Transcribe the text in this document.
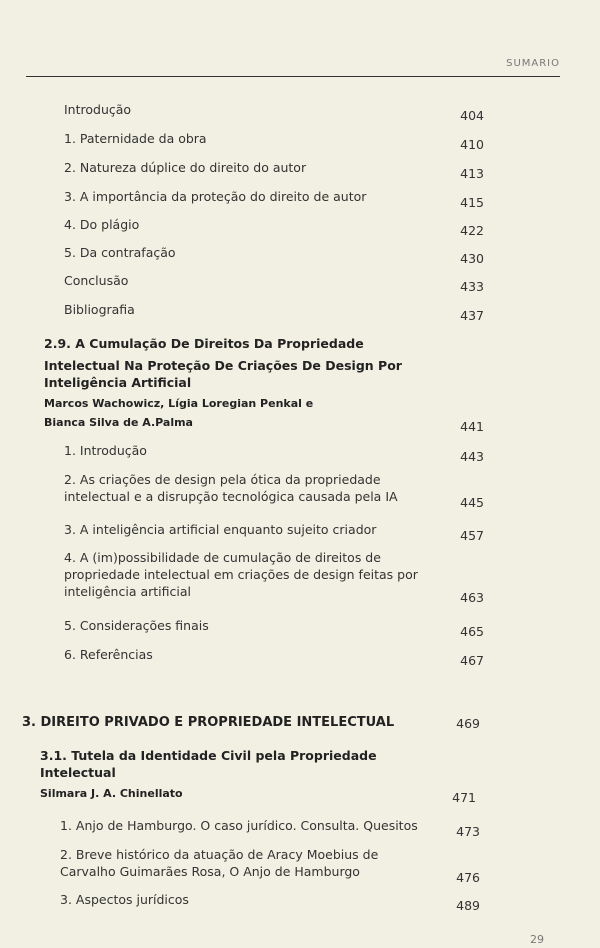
SUMARIO
Introdução	404
1. Paternidade da obra	410
2. Natureza dúplice do direito do autor	413
3. A importância da proteção do direito de autor	415
4. Do plágio	422
5. Da contrafação	430
Conclusão	433
Bibliografia	437
2.9. A Cumulação De Direitos Da Propriedade
Intelectual Na Proteção De Criações De Design Por
Inteligência Artificial
Marcos Wachowicz, Lígia Loregian Penkal e
Bianca Silva de A.Palma	441
1. Introdução	443
2. As criações de design pela ótica da propriedade
intelectual e a disrupção tecnológica causada pela IA	445
3. A inteligência artificial enquanto sujeito criador	457
4. A (im)possibilidade de cumulação de direitos de
propriedade intelectual em criações de design feitas por
inteligência artificial	463
5. Considerações finais	465
6. Referências	467
3. DIREITO PRIVADO E PROPRIEDADE INTELECTUAL	469
3.1. Tutela da Identidade Civil pela Propriedade
Intelectual
Silmara J. A. Chinellato	471
1. Anjo de Hamburgo. O caso jurídico. Consulta. Quesitos	473
2. Breve histórico da atuação de Aracy Moebius de
Carvalho Guimarães Rosa, O Anjo de Hamburgo	476
3. Aspectos jurídicos	489
29
